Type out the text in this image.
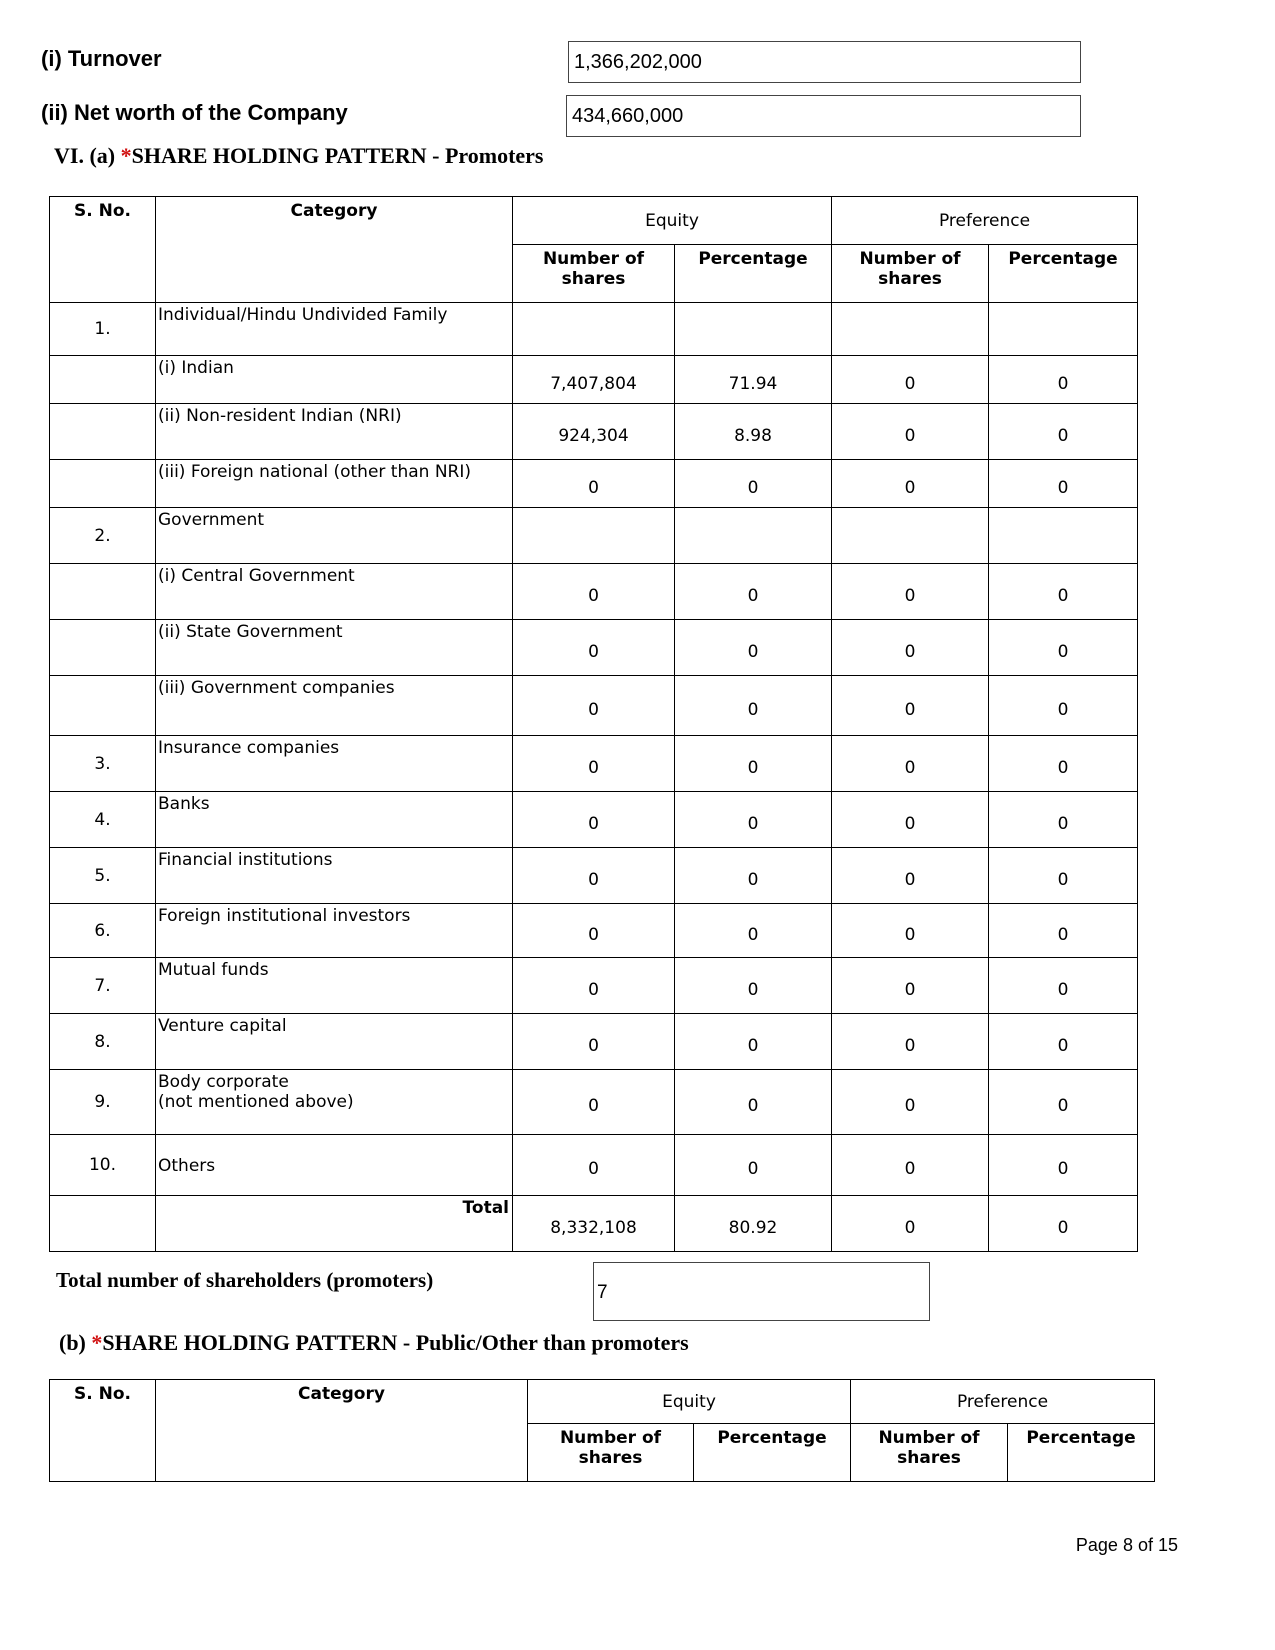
(i) Turnover	1,366,202,000
(ii) Net worth of the Company	434,660,000
VI. (a) *SHARE HOLDING PATTERN - Promoters
S. No.	Category	Equity		Preference	
		Number of shares	Percentage	Number of shares	Percentage
1.	Individual/Hindu Undivided Family				
	(i) Indian	7,407,804	71.94	0	0
	(ii) Non-resident Indian (NRI)	924,304	8.98	0	0
	(iii) Foreign national (other than NRI)	0	0	0	0
2.	Government				
	(i) Central Government	0	0	0	0
	(ii) State Government	0	0	0	0
	(iii) Government companies	0	0	0	0
3.	Insurance companies	0	0	0	0
4.	Banks	0	0	0	0
5.	Financial institutions	0	0	0	0
6.	Foreign institutional investors	0	0	0	0
7.	Mutual funds	0	0	0	0
8.	Venture capital	0	0	0	0
9.	Body corporate
(not mentioned above)	0	0	0	0
10.	Others	0	0	0	0
	Total	8,332,108	80.92	0	0
Total number of shareholders (promoters)
7
(b) *SHARE HOLDING PATTERN - Public/Other than promoters
S. No.	Category	Equity		Preference	
		Number of shares	Percentage	Number of shares	Percentage
Page 8 of 15
